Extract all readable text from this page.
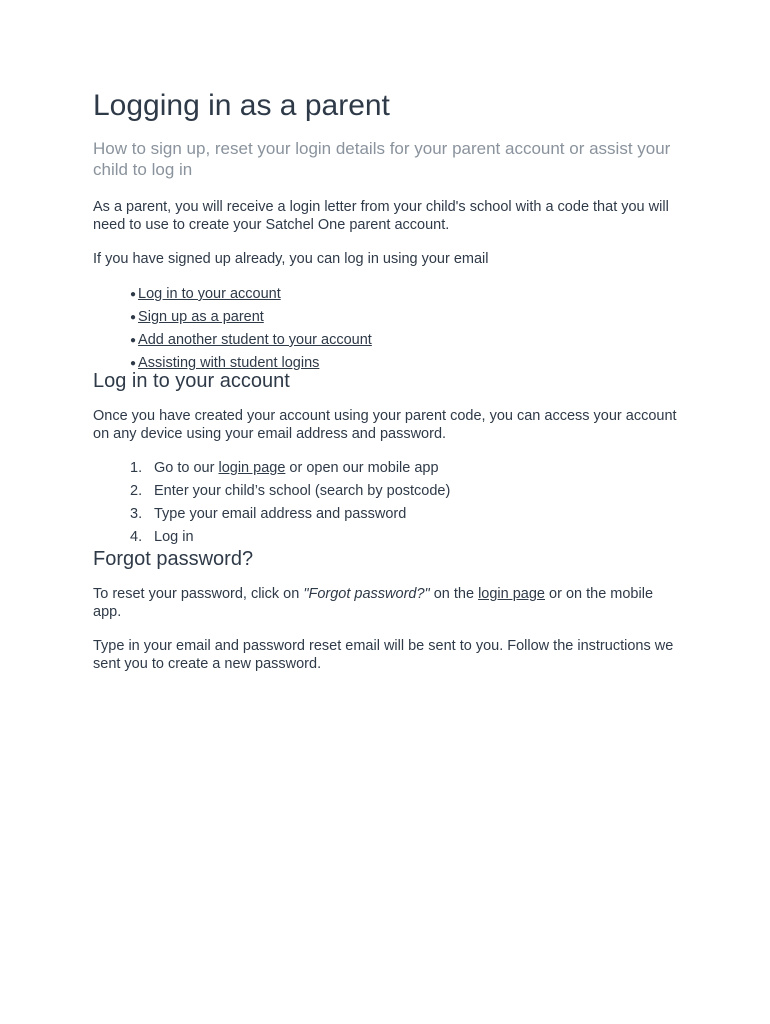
Logging in as a parent
How to sign up, reset your login details for your parent account or assist your child to log in

As a parent, you will receive a login letter from your child's school with a code that you will need to use to create your Satchel One parent account.

If you have signed up already, you can log in using your email

● Log in to your account
● Sign up as a parent
● Add another student to your account
● Assisting with student logins
Log in to your account

Once you have created your account using your parent code, you can access your account on any device using your email address and password.

1. Go to our login page or open our mobile app
2. Enter your child’s school (search by postcode)
3. Type your email address and password
4. Log in
Forgot password?

To reset your password, click on "Forgot password?" on the login page or on the mobile app.

Type in your email and password reset email will be sent to you. Follow the instructions we sent you to create a new password.
